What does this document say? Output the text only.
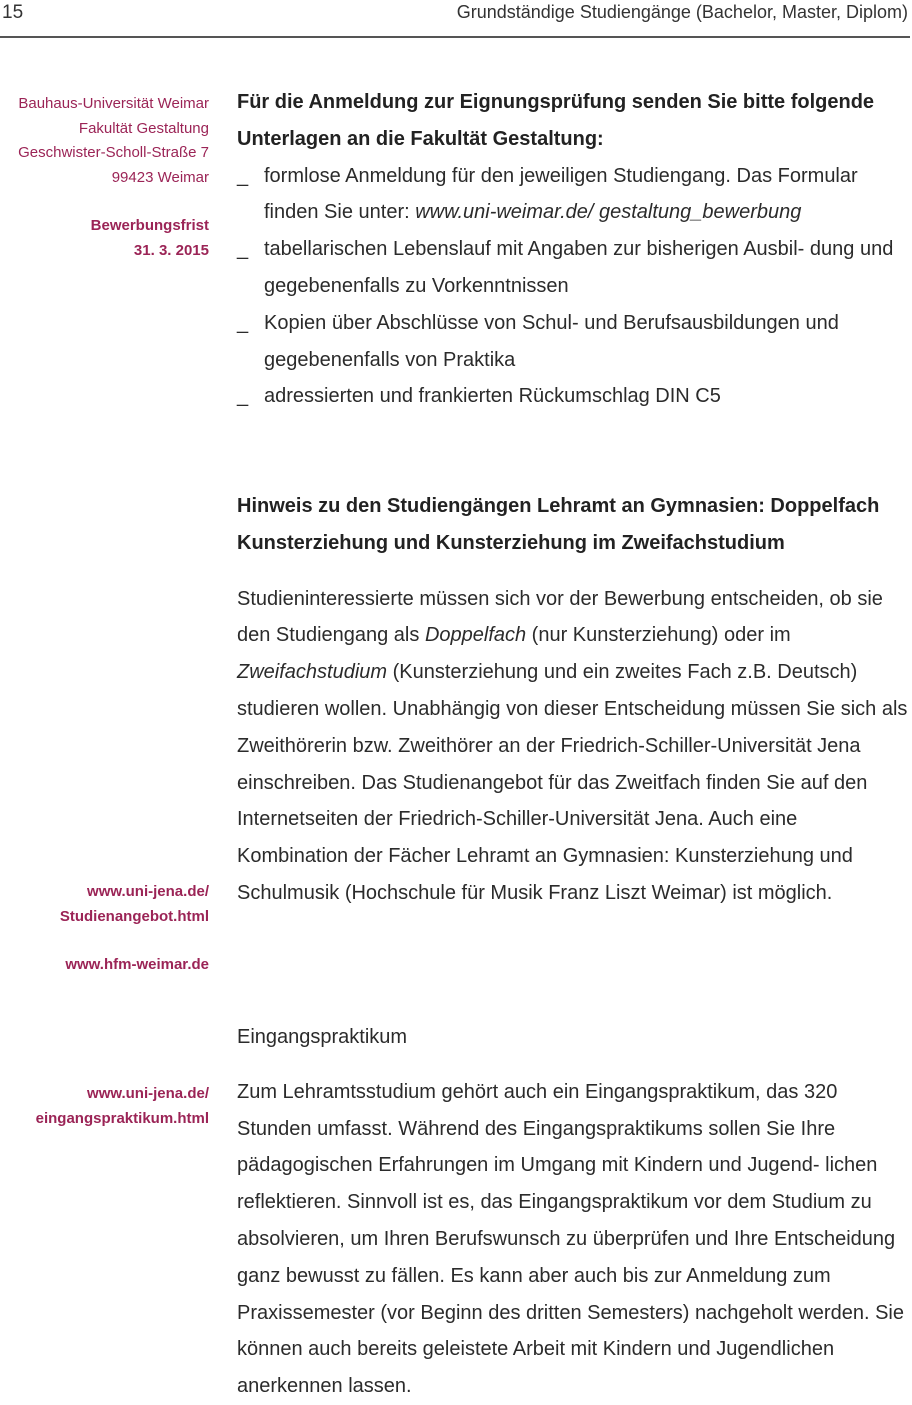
15	Grundständige Studiengänge (Bachelor, Master, Diplom)
Bauhaus-Universität Weimar
Fakultät Gestaltung
Geschwister-Scholl-Straße 7
99423 Weimar
Bewerbungsfrist
31. 3. 2015
www.uni-jena.de/
Studienangebot.html
www.hfm-weimar.de
www.uni-jena.de/
eingangspraktikum.html

Für die Anmeldung zur Eignungsprüfung senden Sie bitte folgende Unterlagen an die Fakultät Gestaltung:

_ formlose Anmeldung für den jeweiligen Studiengang. Das Formular finden Sie unter: www.uni-weimar.de/ gestaltung_bewerbung
_ tabellarischen Lebenslauf mit Angaben zur bisherigen Ausbil- dung und gegebenenfalls zu Vorkenntnissen
_ Kopien über Abschlüsse von Schul- und Berufsausbildungen und gegebenenfalls von Praktika
_ adressierten und frankierten Rückumschlag DIN C5

Hinweis zu den Studiengängen Lehramt an Gymnasien: Doppelfach Kunsterziehung und Kunsterziehung im Zweifachstudium

Studieninteressierte müssen sich vor der Bewerbung entscheiden, ob sie den Studiengang als Doppelfach (nur Kunsterziehung) oder im Zweifachstudium (Kunsterziehung und ein zweites Fach z.B. Deutsch) studieren wollen. Unabhängig von dieser Entscheidung müssen Sie sich als Zweithörerin bzw. Zweithörer an der Friedrich-Schiller-Universität Jena einschreiben. Das Studienangebot für das Zweitfach finden Sie auf den Internetseiten der Friedrich-Schiller-Universität Jena. Auch eine Kombination der Fächer Lehramt an Gymnasien: Kunsterziehung und Schulmusik (Hochschule für Musik Franz Liszt Weimar) ist möglich.

Eingangspraktikum

Zum Lehramtsstudium gehört auch ein Eingangspraktikum, das 320 Stunden umfasst. Während des Eingangspraktikums sollen Sie Ihre pädagogischen Erfahrungen im Umgang mit Kindern und Jugend- lichen reflektieren. Sinnvoll ist es, das Eingangspraktikum vor dem Studium zu absolvieren, um Ihren Berufswunsch zu überprüfen und Ihre Entscheidung ganz bewusst zu fällen. Es kann aber auch bis zur Anmeldung zum Praxissemester (vor Beginn des dritten Semesters) nachgeholt werden. Sie können auch bereits geleistete Arbeit mit Kindern und Jugendlichen anerkennen lassen.
